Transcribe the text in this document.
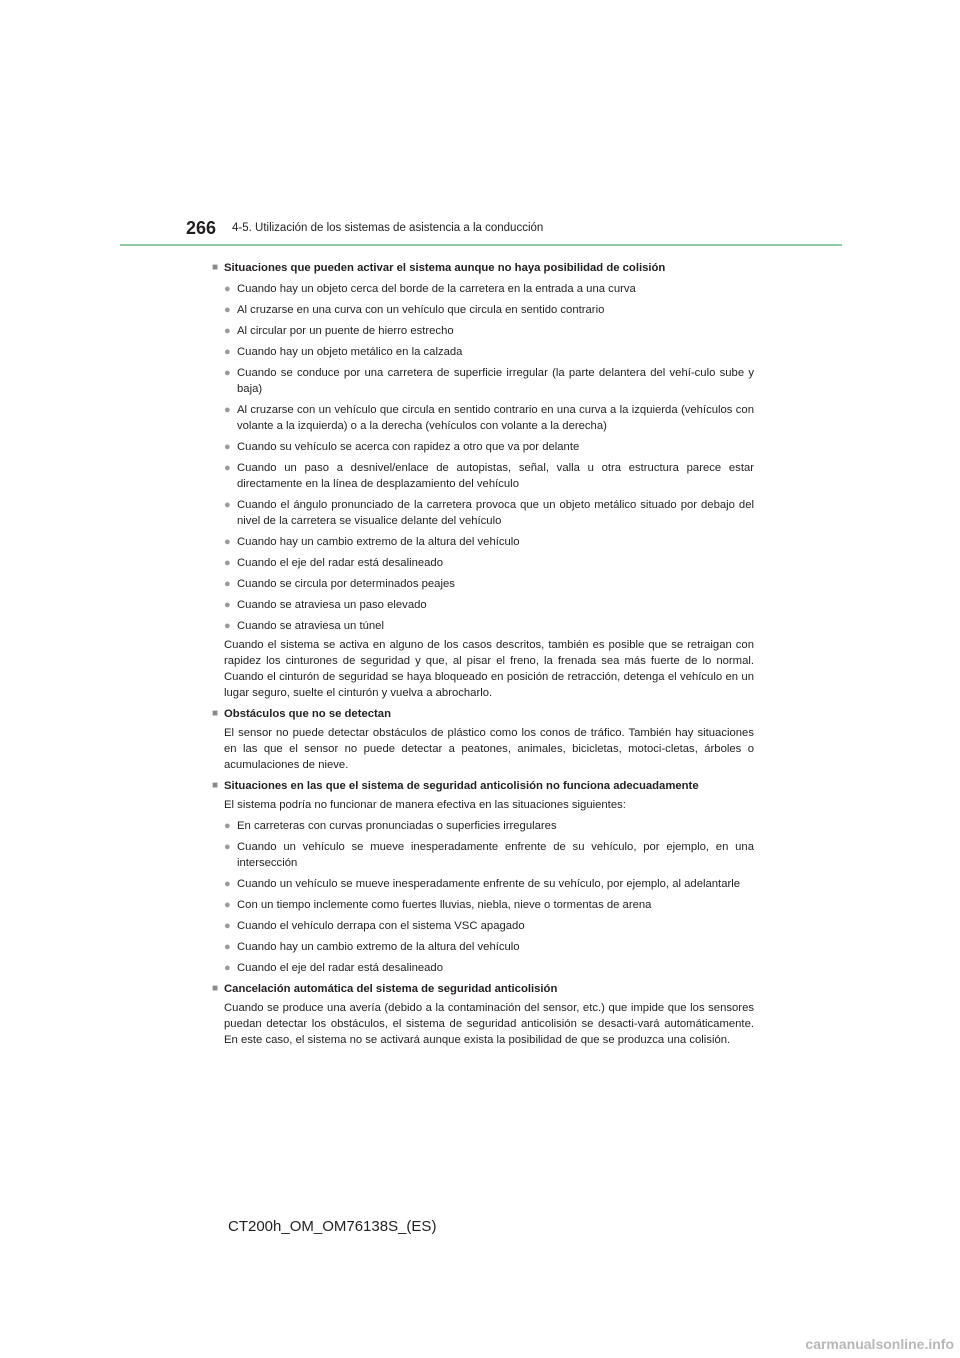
266 4-5. Utilización de los sistemas de asistencia a la conducción
■ Situaciones que pueden activar el sistema aunque no haya posibilidad de colisión
● Cuando hay un objeto cerca del borde de la carretera en la entrada a una curva
● Al cruzarse en una curva con un vehículo que circula en sentido contrario
● Al circular por un puente de hierro estrecho
● Cuando hay un objeto metálico en la calzada
● Cuando se conduce por una carretera de superficie irregular (la parte delantera del vehí-culo sube y baja)
● Al cruzarse con un vehículo que circula en sentido contrario en una curva a la izquierda (vehículos con volante a la izquierda) o a la derecha (vehículos con volante a la derecha)
● Cuando su vehículo se acerca con rapidez a otro que va por delante
● Cuando un paso a desnivel/enlace de autopistas, señal, valla u otra estructura parece estar directamente en la línea de desplazamiento del vehículo
● Cuando el ángulo pronunciado de la carretera provoca que un objeto metálico situado por debajo del nivel de la carretera se visualice delante del vehículo
● Cuando hay un cambio extremo de la altura del vehículo
● Cuando el eje del radar está desalineado
● Cuando se circula por determinados peajes
● Cuando se atraviesa un paso elevado
● Cuando se atraviesa un túnel
Cuando el sistema se activa en alguno de los casos descritos, también es posible que se retraigan con rapidez los cinturones de seguridad y que, al pisar el freno, la frenada sea más fuerte de lo normal. Cuando el cinturón de seguridad se haya bloqueado en posición de retracción, detenga el vehículo en un lugar seguro, suelte el cinturón y vuelva a abrocharlo.
■ Obstáculos que no se detectan
El sensor no puede detectar obstáculos de plástico como los conos de tráfico. También hay situaciones en las que el sensor no puede detectar a peatones, animales, bicicletas, motoci-cletas, árboles o acumulaciones de nieve.
■ Situaciones en las que el sistema de seguridad anticolisión no funciona adecuadamente
El sistema podría no funcionar de manera efectiva en las situaciones siguientes:
● En carreteras con curvas pronunciadas o superficies irregulares
● Cuando un vehículo se mueve inesperadamente enfrente de su vehículo, por ejemplo, en una intersección
● Cuando un vehículo se mueve inesperadamente enfrente de su vehículo, por ejemplo, al adelantarle
● Con un tiempo inclemente como fuertes lluvias, niebla, nieve o tormentas de arena
● Cuando el vehículo derrapa con el sistema VSC apagado
● Cuando hay un cambio extremo de la altura del vehículo
● Cuando el eje del radar está desalineado
■ Cancelación automática del sistema de seguridad anticolisión
Cuando se produce una avería (debido a la contaminación del sensor, etc.) que impide que los sensores puedan detectar los obstáculos, el sistema de seguridad anticolisión se desacti-vará automáticamente. En este caso, el sistema no se activará aunque exista la posibilidad de que se produzca una colisión.
CT200h_OM_OM76138S_(ES)
carmanualsonline.info
